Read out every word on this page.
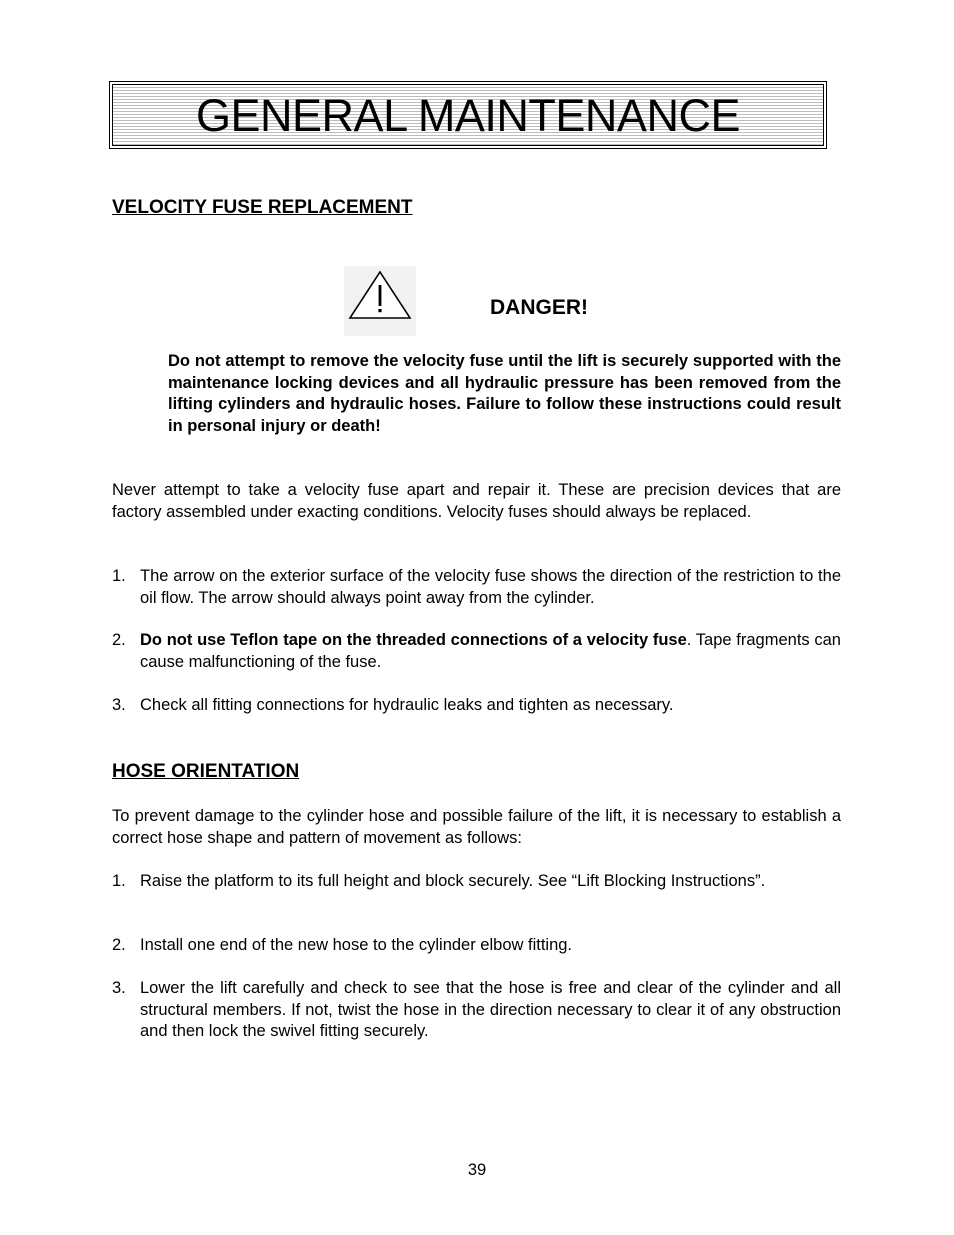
GENERAL MAINTENANCE
VELOCITY FUSE REPLACEMENT
DANGER!

Do not attempt to remove the velocity fuse until the lift is securely supported with the maintenance locking devices and all hydraulic pressure has been removed from the lifting cylinders and hydraulic hoses. Failure to follow these instructions could result in personal injury or death!

Never attempt to take a velocity fuse apart and repair it. These are precision devices that are factory assembled under exacting conditions. Velocity fuses should always be replaced.

1. The arrow on the exterior surface of the velocity fuse shows the direction of the restriction to the oil flow. The arrow should always point away from the cylinder.
2. Do not use Teflon tape on the threaded connections of a velocity fuse. Tape fragments can cause malfunctioning of the fuse.
3. Check all fitting connections for hydraulic leaks and tighten as necessary.
HOSE ORIENTATION

To prevent damage to the cylinder hose and possible failure of the lift, it is necessary to establish a correct hose shape and pattern of movement as follows:

1. Raise the platform to its full height and block securely. See “Lift Blocking Instructions”.
2. Install one end of the new hose to the cylinder elbow fitting.
3. Lower the lift carefully and check to see that the hose is free and clear of the cylinder and all structural members. If not, twist the hose in the direction necessary to clear it of any obstruction and then lock the swivel fitting securely.
39
